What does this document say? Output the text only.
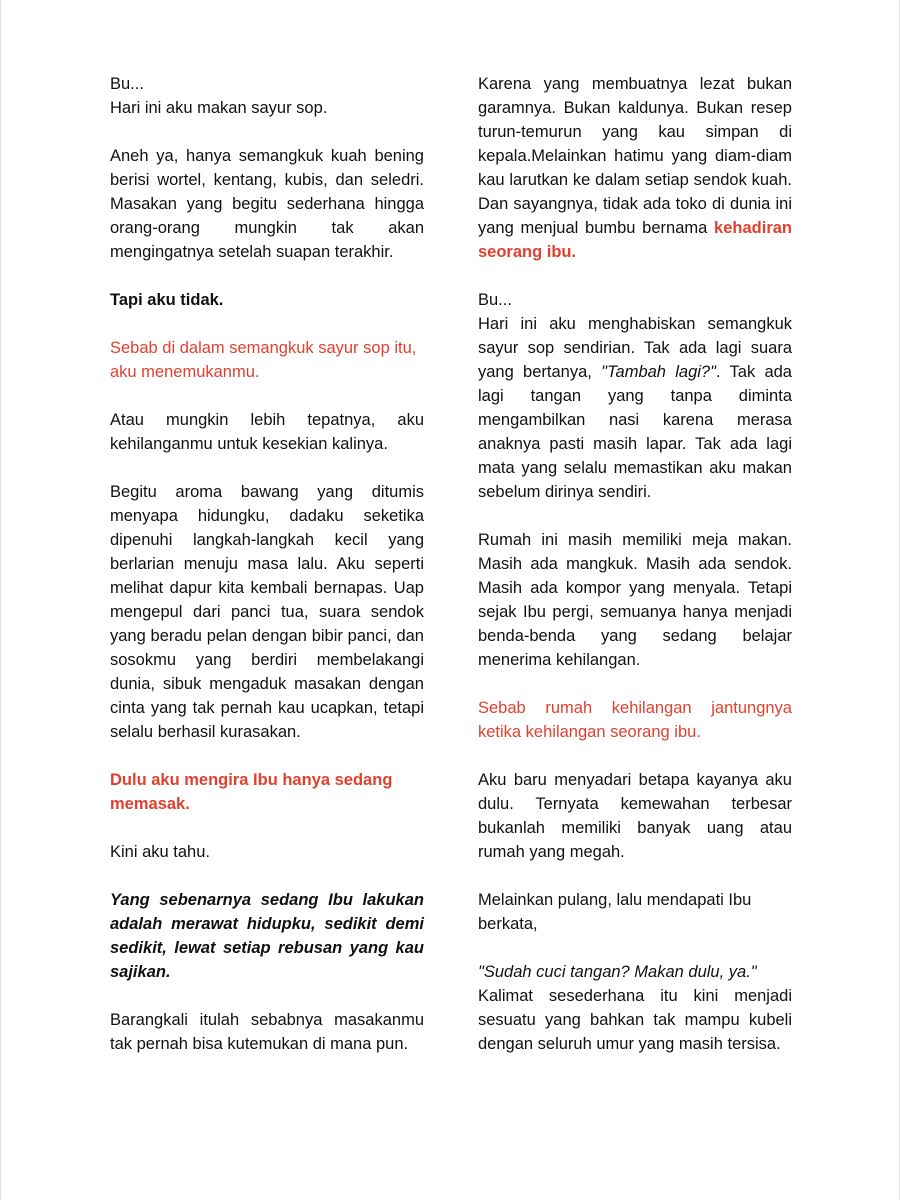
Bu...
Hari ini aku makan sayur sop.

Aneh ya, hanya semangkuk kuah bening berisi wortel, kentang, kubis, dan seledri. Masakan yang begitu sederhana hingga orang-orang mungkin tak akan mengingatnya setelah suapan terakhir.

Tapi aku tidak.

Sebab di dalam semangkuk sayur sop itu, aku menemukanmu.

Atau mungkin lebih tepatnya, aku kehilanganmu untuk kesekian kalinya.

Begitu aroma bawang yang ditumis menyapa hidungku, dadaku seketika dipenuhi langkah-langkah kecil yang berlarian menuju masa lalu. Aku seperti melihat dapur kita kembali bernapas. Uap mengepul dari panci tua, suara sendok yang beradu pelan dengan bibir panci, dan sosokmu yang berdiri membelakangi dunia, sibuk mengaduk masakan dengan cinta yang tak pernah kau ucapkan, tetapi selalu berhasil kurasakan.

Dulu aku mengira Ibu hanya sedang memasak.

Kini aku tahu.

Yang sebenarnya sedang Ibu lakukan adalah merawat hidupku, sedikit demi sedikit, lewat setiap rebusan yang kau sajikan.

Barangkali itulah sebabnya masakanmu tak pernah bisa kutemukan di mana pun.

Karena yang membuatnya lezat bukan garamnya. Bukan kaldunya. Bukan resep turun-temurun yang kau simpan di kepala.Melainkan hatimu yang diam-diam kau larutkan ke dalam setiap sendok kuah. Dan sayangnya, tidak ada toko di dunia ini yang menjual bumbu bernama kehadiran seorang ibu.

Bu...
Hari ini aku menghabiskan semangkuk sayur sop sendirian. Tak ada lagi suara yang bertanya, "Tambah lagi?". Tak ada lagi tangan yang tanpa diminta mengambilkan nasi karena merasa anaknya pasti masih lapar. Tak ada lagi mata yang selalu memastikan aku makan sebelum dirinya sendiri.

Rumah ini masih memiliki meja makan. Masih ada mangkuk. Masih ada sendok. Masih ada kompor yang menyala. Tetapi sejak Ibu pergi, semuanya hanya menjadi benda-benda yang sedang belajar menerima kehilangan.

Sebab rumah kehilangan jantungnya ketika kehilangan seorang ibu.

Aku baru menyadari betapa kayanya aku dulu. Ternyata kemewahan terbesar bukanlah memiliki banyak uang atau rumah yang megah.

Melainkan pulang, lalu mendapati Ibu berkata,

"Sudah cuci tangan? Makan dulu, ya."
Kalimat sesederhana itu kini menjadi sesuatu yang bahkan tak mampu kubeli dengan seluruh umur yang masih tersisa.
